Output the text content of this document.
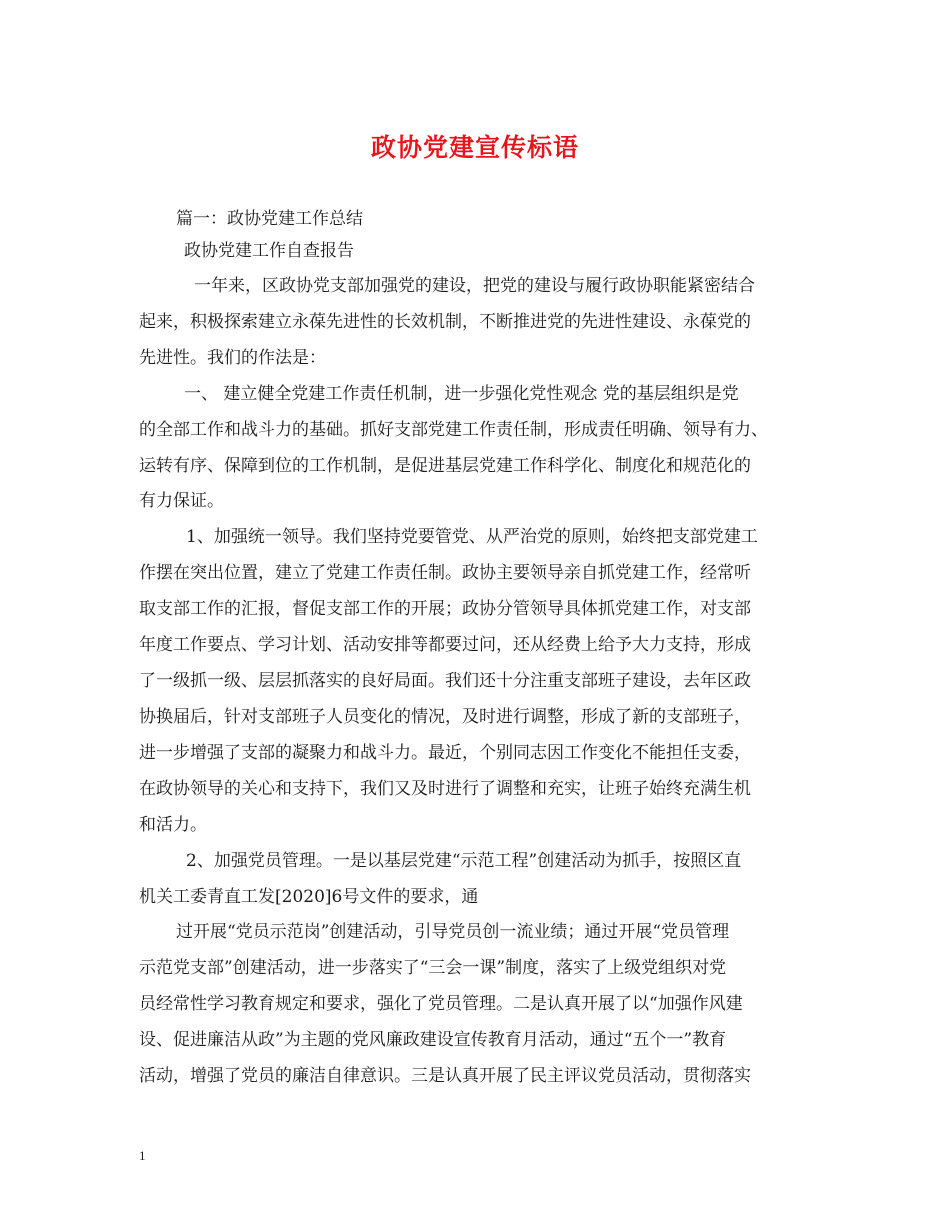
政协党建宣传标语
篇一：政协党建工作总结
政协党建工作自查报告
一年来，区政协党支部加强党的建设，把党的建设与履行政协职能紧密结合
起来，积极探索建立永葆先进性的长效机制，不断推进党的先进性建设、永葆党的
先进性。我们的作法是：
一、 建立健全党建工作责任机制，进一步强化党性观念 党的基层组织是党
的全部工作和战斗力的基础。抓好支部党建工作责任制，形成责任明确、领导有力、
运转有序、保障到位的工作机制，是促进基层党建工作科学化、制度化和规范化的
有力保证。
1、加强统一领导。我们坚持党要管党、从严治党的原则，始终把支部党建工
作摆在突出位置，建立了党建工作责任制。政协主要领导亲自抓党建工作，经常听
取支部工作的汇报，督促支部工作的开展；政协分管领导具体抓党建工作，对支部
年度工作要点、学习计划、活动安排等都要过问，还从经费上给予大力支持，形成
了一级抓一级、层层抓落实的良好局面。我们还十分注重支部班子建设，去年区政
协换届后，针对支部班子人员变化的情况，及时进行调整，形成了新的支部班子，
进一步增强了支部的凝聚力和战斗力。最近，个别同志因工作变化不能担任支委，
在政协领导的关心和支持下，我们又及时进行了调整和充实，让班子始终充满生机
和活力。
2、加强党员管理。一是以基层党建“示范工程”创建活动为抓手，按照区直
机关工委青直工发[2020]6号文件的要求，通
过开展“党员示范岗”创建活动，引导党员创一流业绩；通过开展“党员管理
示范党支部”创建活动，进一步落实了“三会一课”制度，落实了上级党组织对党
员经常性学习教育规定和要求，强化了党员管理。二是认真开展了以“加强作风建
设、促进廉洁从政”为主题的党风廉政建设宣传教育月活动，通过“五个一”教育
活动，增强了党员的廉洁自律意识。三是认真开展了民主评议党员活动，贯彻落实
1
